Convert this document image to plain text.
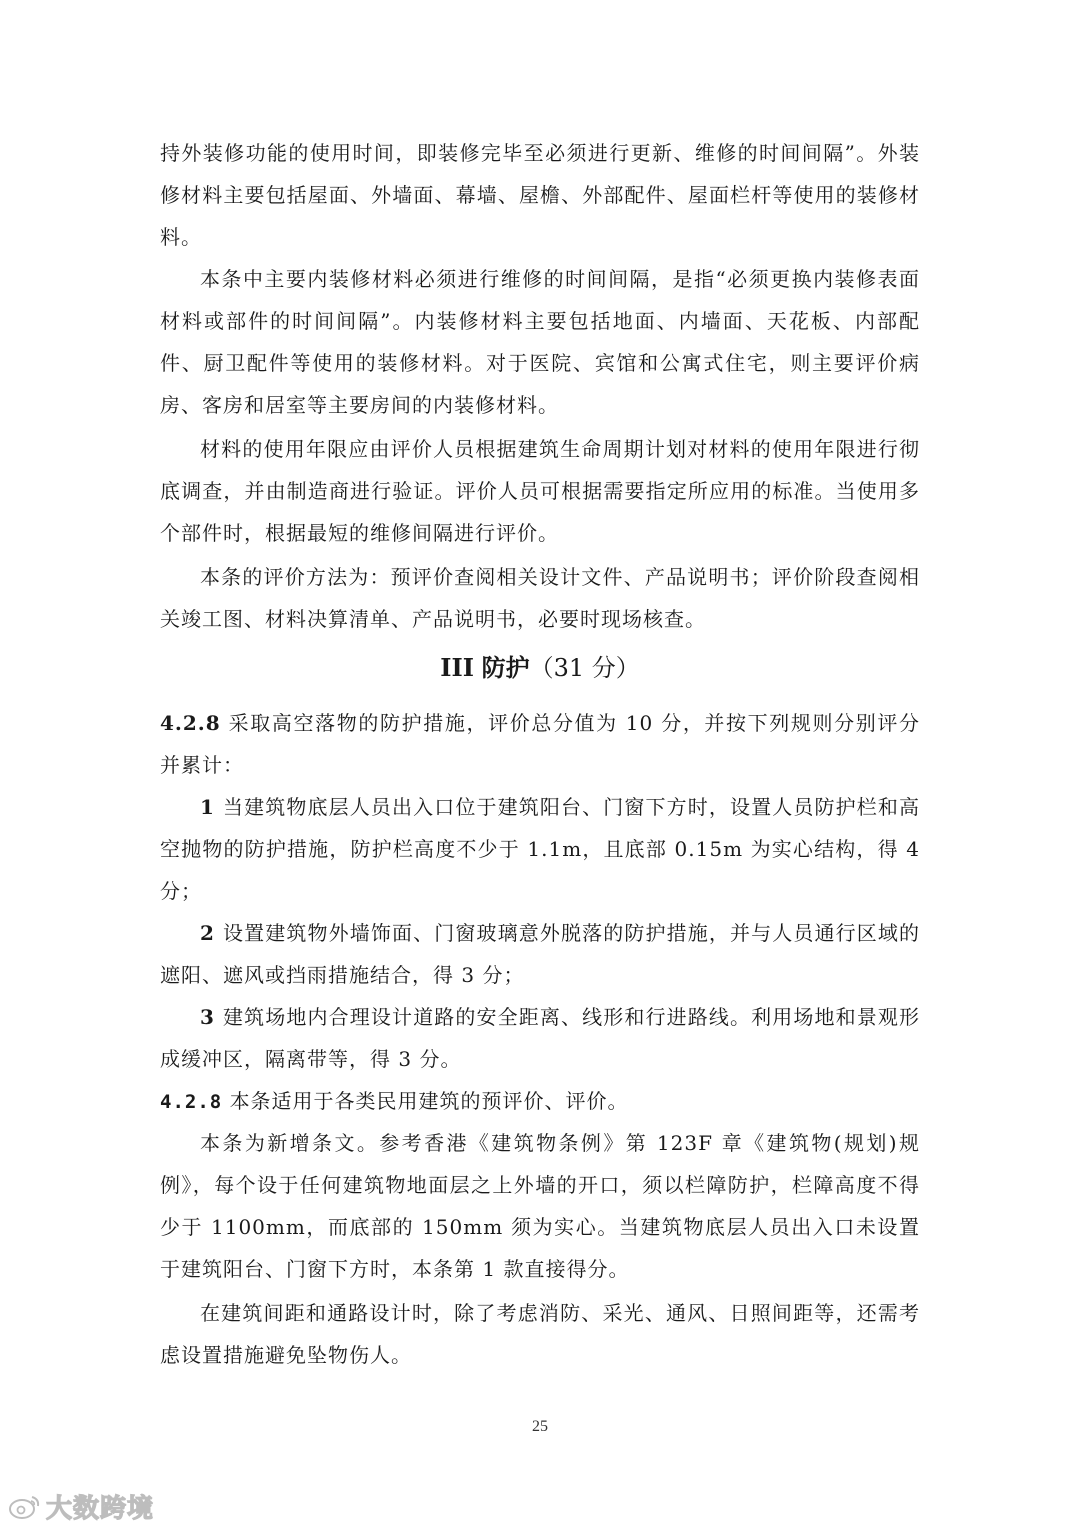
持外装修功能的使用时间，即装修完毕至必须进行更新、维修的时间间隔”。外装修材料主要包括屋面、外墙面、幕墙、屋檐、外部配件、屋面栏杆等使用的装修材料。

本条中主要内装修材料必须进行维修的时间间隔，是指“必须更换内装修表面材料或部件的时间间隔”。内装修材料主要包括地面、内墙面、天花板、内部配件、厨卫配件等使用的装修材料。对于医院、宾馆和公寓式住宅，则主要评价病房、客房和居室等主要房间的内装修材料。

材料的使用年限应由评价人员根据建筑生命周期计划对材料的使用年限进行彻底调查，并由制造商进行验证。评价人员可根据需要指定所应用的标准。当使用多个部件时，根据最短的维修间隔进行评价。

本条的评价方法为：预评价查阅相关设计文件、产品说明书；评价阶段查阅相关竣工图、材料决算清单、产品说明书，必要时现场核查。

III 防护（31 分）

4.2.8 采取高空落物的防护措施，评价总分值为 10 分，并按下列规则分别评分并累计：

1 当建筑物底层人员出入口位于建筑阳台、门窗下方时，设置人员防护栏和高空抛物的防护措施，防护栏高度不少于 1.1m，且底部 0.15m 为实心结构，得 4 分；

2 设置建筑物外墙饰面、门窗玻璃意外脱落的防护措施，并与人员通行区域的遮阳、遮风或挡雨措施结合，得 3 分；

3 建筑场地内合理设计道路的安全距离、线形和行进路线。利用场地和景观形成缓冲区，隔离带等，得 3 分。

4.2.8 本条适用于各类民用建筑的预评价、评价。

本条为新增条文。参考香港《建筑物条例》第 123F 章《建筑物(规划)规例》，每个设于任何建筑物地面层之上外墙的开口，须以栏障防护，栏障高度不得少于 1100mm，而底部的 150mm 须为实心。当建筑物底层人员出入口未设置于建筑阳台、门窗下方时，本条第 1 款直接得分。

在建筑间距和通路设计时，除了考虑消防、采光、通风、日照间距等，还需考虑设置措施避免坠物伤人。

25
大数跨境
